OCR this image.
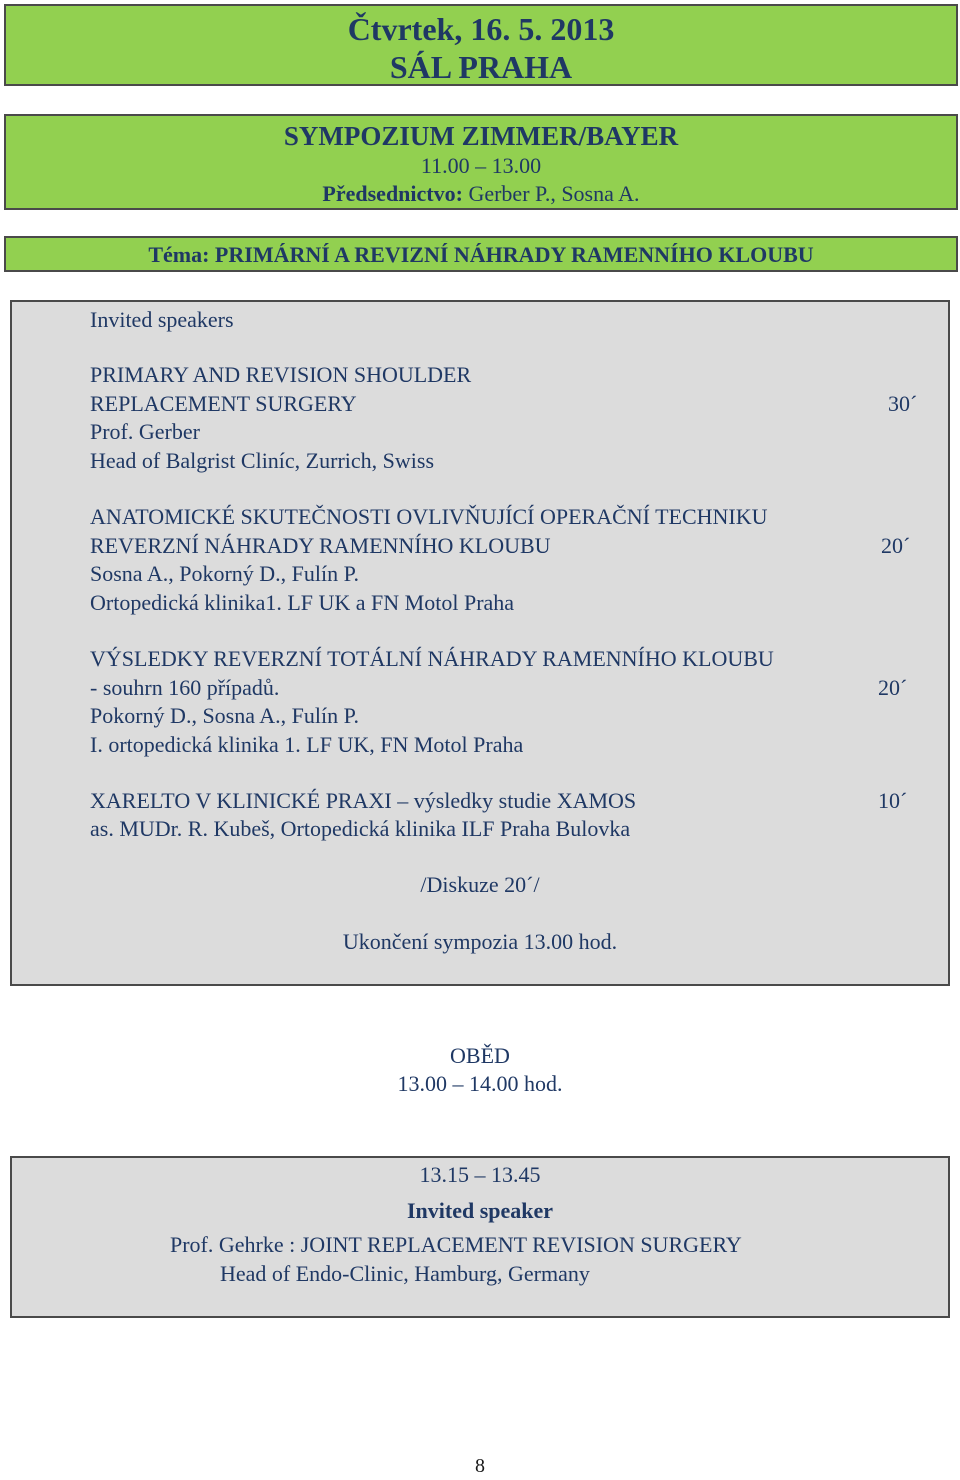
Čtvrtek, 16. 5. 2013
SÁL PRAHA
SYMPOZIUM ZIMMER/BAYER
11.00 – 13.00
Předsednictvo: Gerber P., Sosna A.
Téma: PRIMÁRNÍ A REVIZNÍ NÁHRADY RAMENNÍHO KLOUBU
Invited speakers
PRIMARY AND REVISION SHOULDER
REPLACEMENT SURGERY	30´
Prof. Gerber
Head of Balgrist Cliníc, Zurrich, Swiss
ANATOMICKÉ SKUTEČNOSTI OVLIVŇUJÍCÍ OPERAČNÍ TECHNIKU
REVERZNÍ NÁHRADY RAMENNÍHO KLOUBU	20´
Sosna A., Pokorný D., Fulín P.
Ortopedická klinika1. LF UK a FN Motol Praha
VÝSLEDKY REVERZNÍ TOTÁLNÍ NÁHRADY RAMENNÍHO KLOUBU
- souhrn 160 případů.	20´
Pokorný D., Sosna A., Fulín P.
I. ortopedická klinika 1. LF UK, FN Motol Praha
XARELTO V KLINICKÉ PRAXI – výsledky studie XAMOS	10´
as. MUDr. R. Kubeš, Ortopedická klinika ILF Praha Bulovka
/Diskuze 20´/
Ukončení sympozia 13.00 hod.
OBĚD
13.00 – 14.00 hod.
13.15 – 13.45
Invited speaker
Prof. Gehrke : JOINT REPLACEMENT REVISION SURGERY
Head of Endo-Clinic, Hamburg, Germany
8
